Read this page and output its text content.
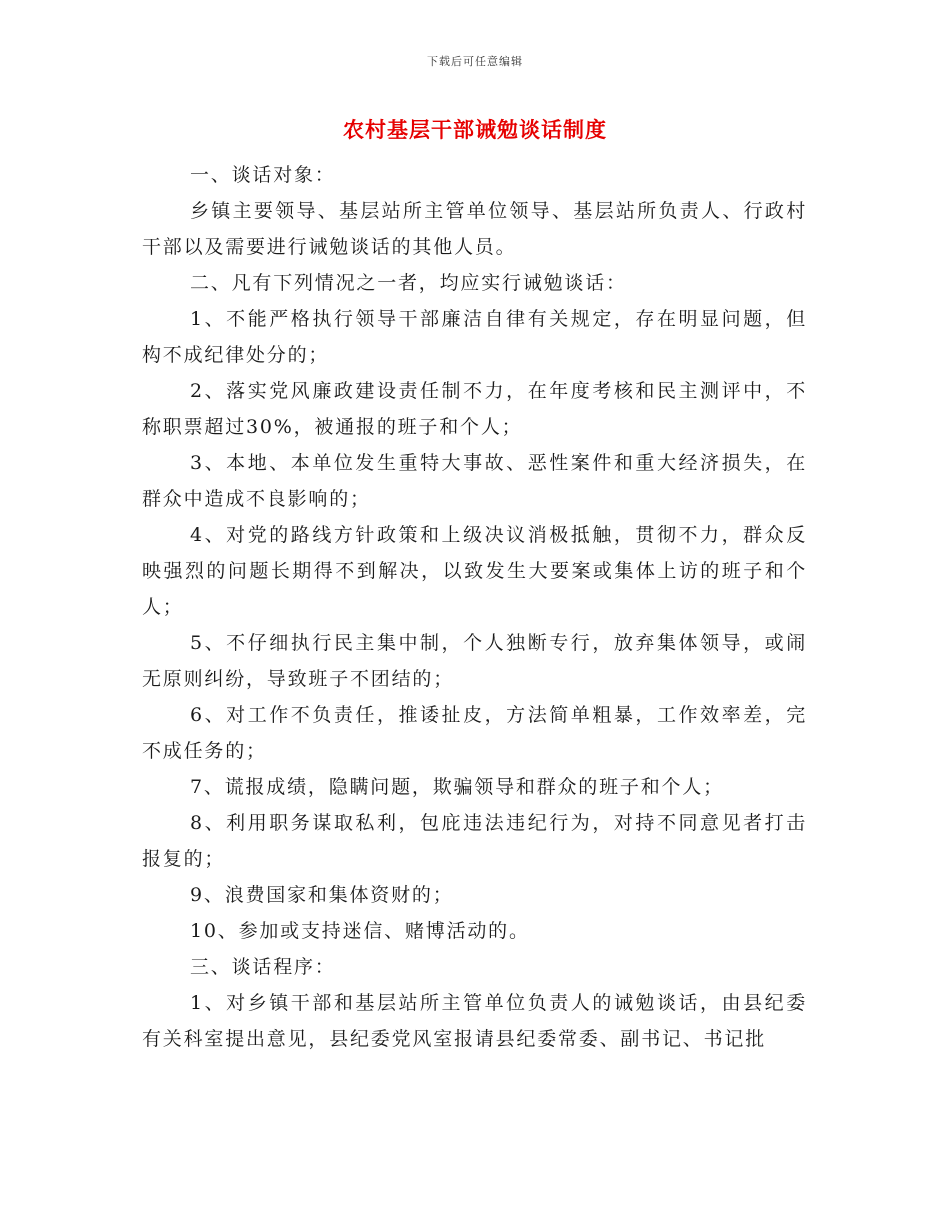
下载后可任意编辑
农村基层干部诫勉谈话制度

一、谈话对象：

乡镇主要领导、基层站所主管单位领导、基层站所负责人、行政村干部以及需要进行诫勉谈话的其他人员。

二、凡有下列情况之一者，均应实行诫勉谈话：

1、不能严格执行领导干部廉洁自律有关规定，存在明显问题，但构不成纪律处分的；

2、落实党风廉政建设责任制不力，在年度考核和民主测评中，不称职票超过30%，被通报的班子和个人；

3、本地、本单位发生重特大事故、恶性案件和重大经济损失，在群众中造成不良影响的；

4、对党的路线方针政策和上级决议消极抵触，贯彻不力，群众反映强烈的问题长期得不到解决，以致发生大要案或集体上访的班子和个人；

5、不仔细执行民主集中制，个人独断专行，放弃集体领导，或闹无原则纠纷，导致班子不团结的；

6、对工作不负责任，推诿扯皮，方法简单粗暴，工作效率差，完不成任务的；

7、谎报成绩，隐瞒问题，欺骗领导和群众的班子和个人；

8、利用职务谋取私利，包庇违法违纪行为，对持不同意见者打击报复的；

9、浪费国家和集体资财的；

10、参加或支持迷信、赌博活动的。

三、谈话程序：

1、对乡镇干部和基层站所主管单位负责人的诫勉谈话，由县纪委有关科室提出意见，县纪委党风室报请县纪委常委、副书记、书记批
